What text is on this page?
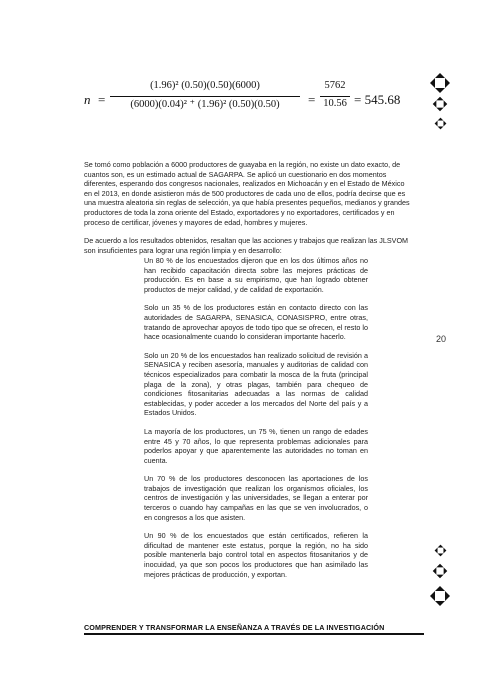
n =
(1.96)² (0.50)(0.50)(6000)
(6000)(0.04)² ⁺ (1.96)² (0.50)(0.50)	=
5762
10.56 = 545.68

Se tomó como población a 6000 productores de guayaba en la región, no existe un dato exacto, de cuantos son, es un estimado actual de SAGARPA. Se aplicó un cuestionario en dos momentos diferentes, esperando dos congresos nacionales, realizados en Michoacán y en el Estado de México en el 2013, en donde asistieron más de 500 productores de cada uno de ellos, podría decirse que es una muestra aleatoria sin reglas de selección, ya que había presentes pequeños, medianos y grandes productores de toda la zona oriente del Estado, exportadores y no exportadores, certificados y en proceso de certificar, jóvenes y mayores de edad, hombres y mujeres.

De acuerdo a los resultados obtenidos, resaltan que las acciones y trabajos que realizan las JLSVOM son insuficientes para lograr una región limpia y en desarrollo:

Un 80 % de los encuestados dijeron que en los dos últimos años no han recibido capacitación directa sobre las mejores prácticas de producción. Es en base a su empirismo, que han logrado obtener productos de mejor calidad, y de calidad de exportación.

Solo un 35 % de los productores están en contacto directo con las autoridades de SAGARPA, SENASICA, CONASISPRO, entre otras, tratando de aprovechar apoyos de todo tipo que se ofrecen, el resto lo hace ocasionalmente cuando lo consideran importante hacerlo.

Solo un 20 % de los encuestados han realizado solicitud de revisión a SENASICA y reciben asesoría, manuales y auditorias de calidad con técnicos especializados para combatir la mosca de la fruta (principal plaga de la zona), y otras plagas, también para chequeo de condiciones fitosanitarias adecuadas a las normas de calidad establecidas, y poder acceder a los mercados del Norte del país y a Estados Unidos.

La mayoría de los productores, un 75 %, tienen un rango de edades entre 45 y 70 años, lo que representa problemas adicionales para poderlos apoyar y que aparentemente las autoridades no toman en cuenta.

Un 70 % de los productores desconocen las aportaciones de los trabajos de investigación que realizan los organismos oficiales, los centros de investigación y las universidades, se llegan a enterar por terceros o cuando hay campañas en las que se ven involucrados, o en congresos a los que asisten.

Un 90 % de los encuestados que están certificados, refieren la dificultad de mantener este estatus, porque la región, no ha sido posible mantenerla bajo control total en aspectos fitosanitarios y de inocuidad, ya que son pocos los productores que han asimilado las mejores prácticas de producción, y exportan.

20
COMPRENDER Y TRANSFORMAR LA ENSEÑANZA A TRAVÉS DE LA INVESTIGACIÓN
